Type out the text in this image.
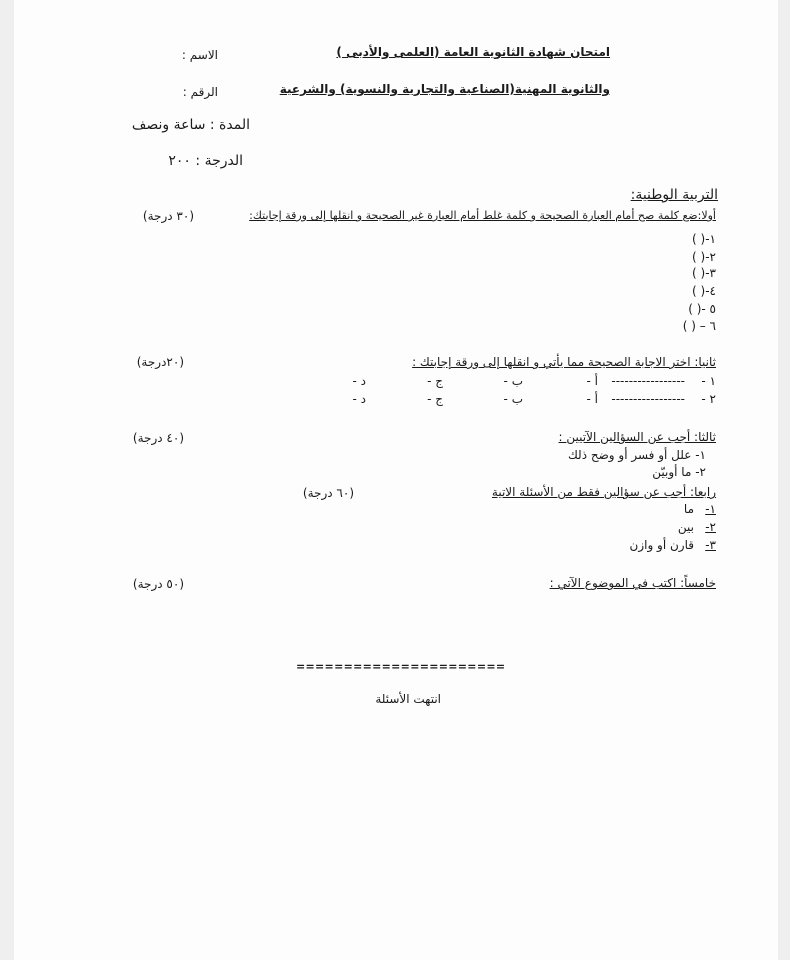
امتحان شهادة الثانوية العامة (العلمى والأدبى )
الاسم :
والثانوية المهنية(الصناعية والتجارية والنسوية) والشرعية
الرقم :
المدة : ساعة ونصف
الدرجة : ٢٠٠
التربية الوطنية:
أولا:ضع كلمة صح أمام العبارة الصحيحة و كلمة غلط أمام العبارة غير الصحيحة و انقلها إلى ورقة إجابتك:
(٣٠ درجة)
١-( )
٢-( )
٣-( )
٤-( )
٥ -( )
٦ – ( )
ثانيا: اختر الاجابة الصحيحة مما يأتي و انقلها إلى ورقة إجابتك :
(٢٠درجة)
١ -
-----------------
أ -
ب -
ج -
د -
٢ -
-----------------
أ -
ب -
ج -
د -
ثالثا: أجب عن السؤالين الآتيين :
(٤٠ درجة)
١- علل أو فسر أو وضح ذلك
٢- ما أوبيّن
رابعا: أجب عن سؤالين فقط من الأسئلة الاتية
(٦٠ درجة)
١-
ما
٢-
بين
٣-
قارن أو وازن
خامساً: اكتب في الموضوع الآتي :
(٥٠ درجة)
======================
انتهت الأسئلة
